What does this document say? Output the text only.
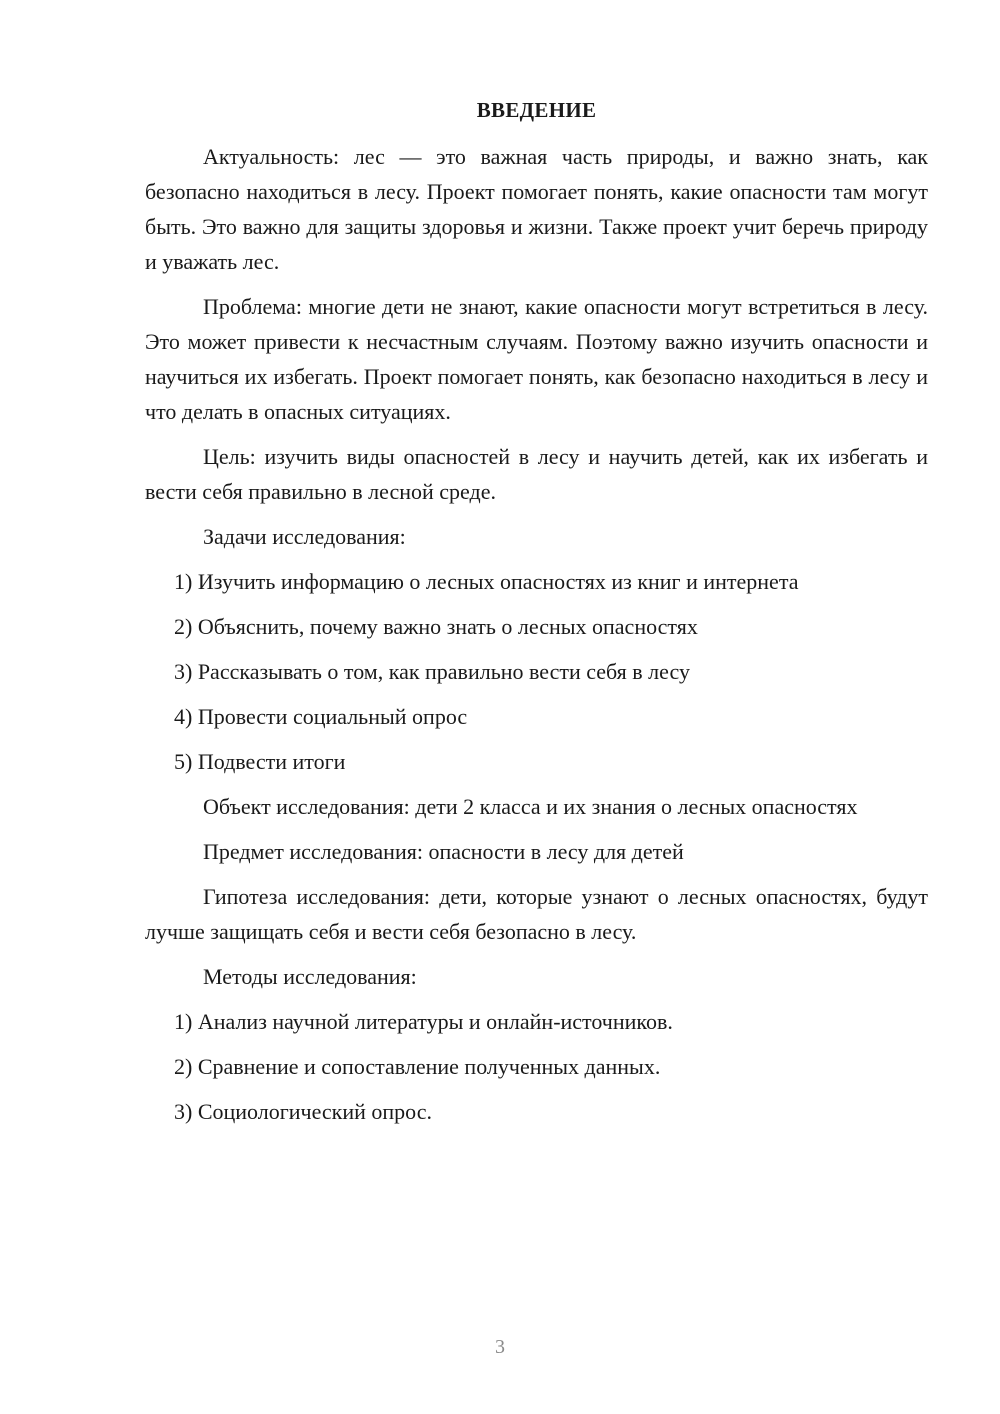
ВВЕДЕНИЕ

Актуальность: лес — это важная часть природы, и важно знать, как безопасно находиться в лесу. Проект помогает понять, какие опасности там могут быть. Это важно для защиты здоровья и жизни. Также проект учит беречь природу и уважать лес.

Проблема: многие дети не знают, какие опасности могут встретиться в лесу. Это может привести к несчастным случаям. Поэтому важно изучить опасности и научиться их избегать. Проект помогает понять, как безопасно находиться в лесу и что делать в опасных ситуациях.

Цель: изучить виды опасностей в лесу и научить детей, как их избегать и вести себя правильно в лесной среде.

Задачи исследования:

1) Изучить информацию о лесных опасностях из книг и интернета
2) Объяснить, почему важно знать о лесных опасностях
3) Рассказывать о том, как правильно вести себя в лесу
4) Провести социальный опрос
5) Подвести итоги

Объект исследования: дети 2 класса и их знания о лесных опасностях

Предмет исследования: опасности в лесу для детей

Гипотеза исследования: дети, которые узнают о лесных опасностях, будут лучше защищать себя и вести себя безопасно в лесу.

Методы исследования:

1) Анализ научной литературы и онлайн-источников.
2) Сравнение и сопоставление полученных данных.
3) Социологический опрос.
3
